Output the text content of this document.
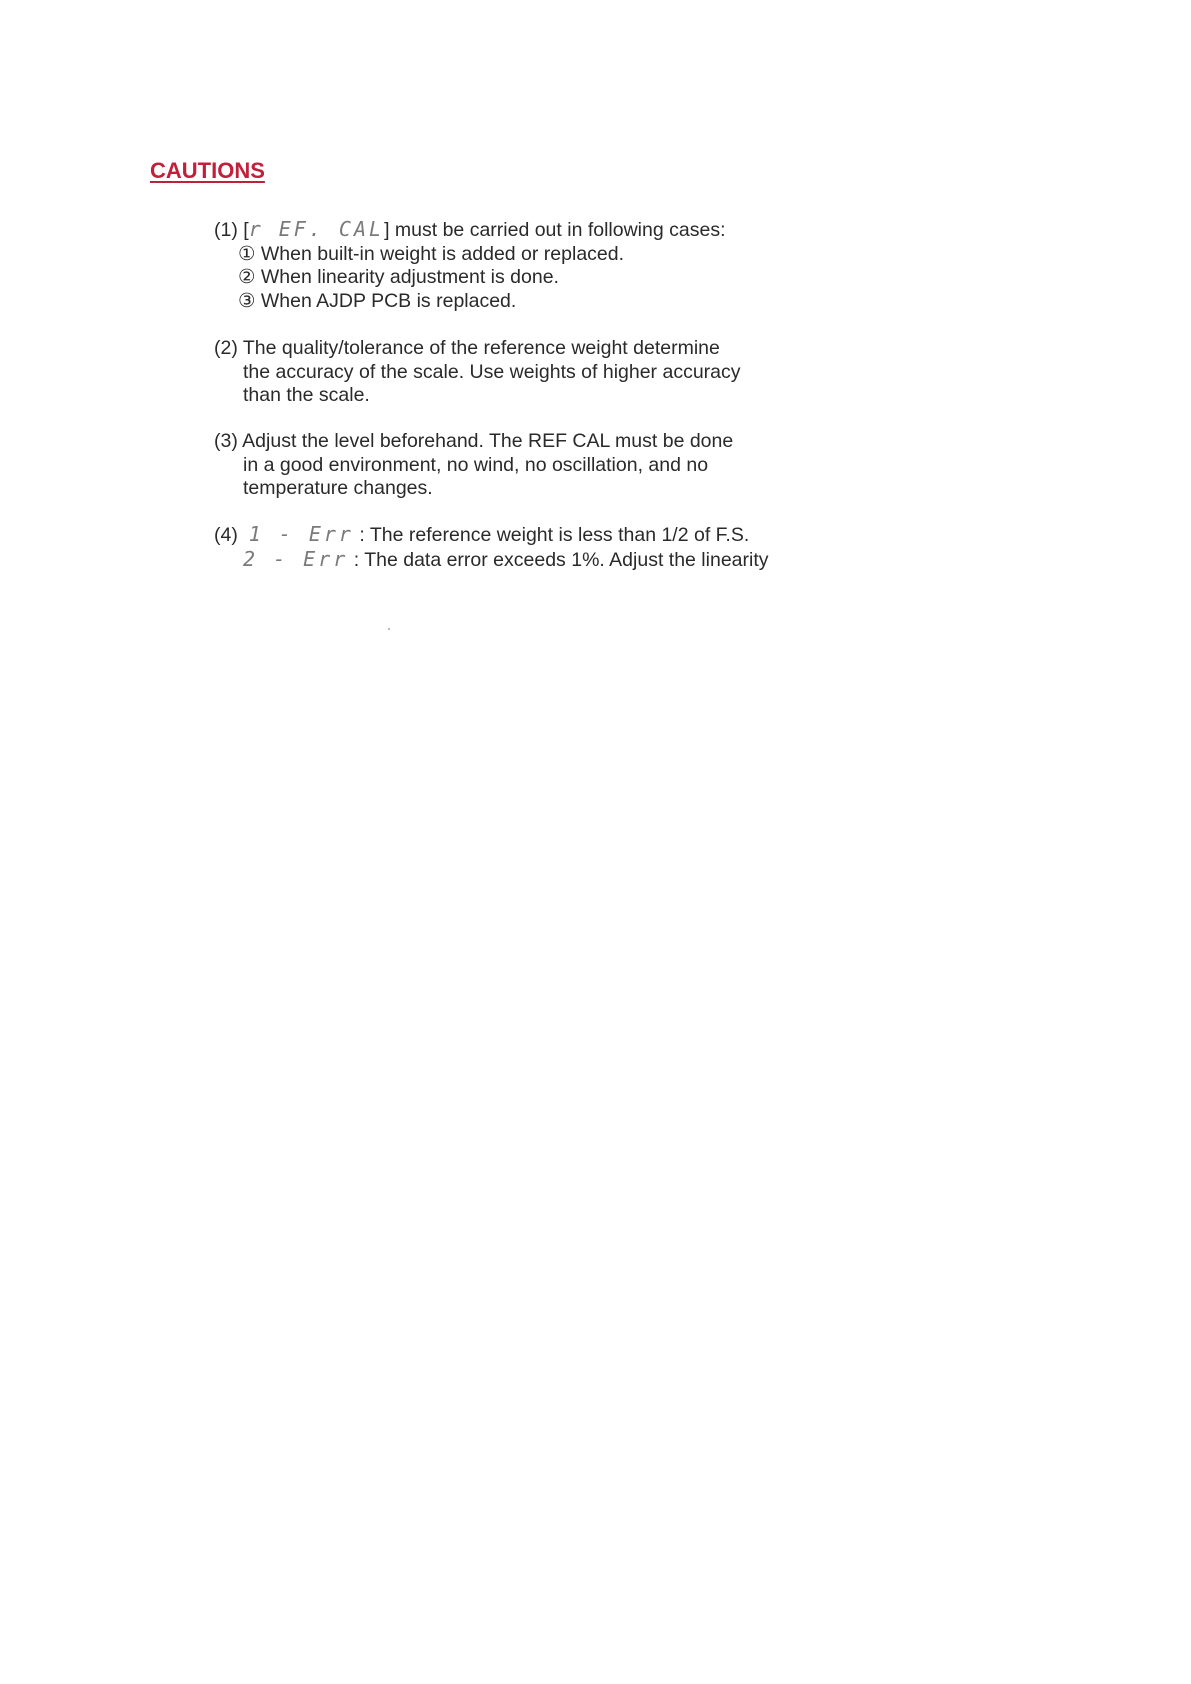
CAUTIONS
(1) [r EF. CAL] must be carried out in following cases:
① When built-in weight is added or replaced.
② When linearity adjustment is done.
③ When AJDP PCB is replaced.
(2) The quality/tolerance of the reference weight determine
the accuracy of the scale. Use weights of higher accuracy
than the scale.
(3) Adjust the level beforehand. The REF CAL must be done
in a good environment, no wind, no oscillation, and no
temperature changes.
(4) 1 - Err : The reference weight is less than 1/2 of F.S.
2 - Err : The data error exceeds 1%. Adjust the linearity
